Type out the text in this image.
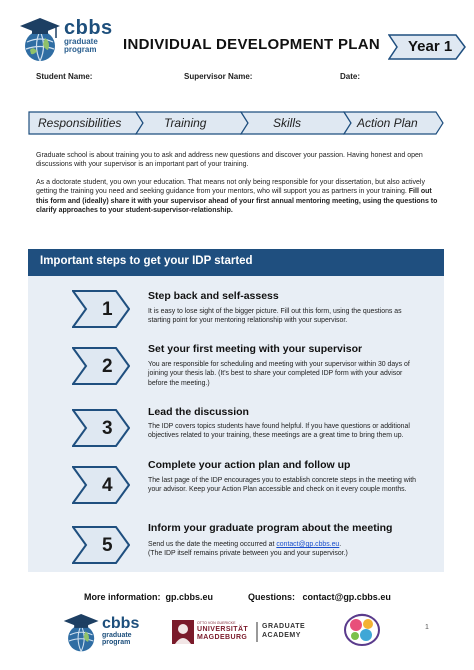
cbbs
graduate
program	INDIVIDUAL DEVELOPMENT PLAN Year 1
Student Name:	Supervisor Name:	Date:
Responsibilities	Training	Skills	Action Plan

Graduate school is about training you to ask and address new questions and discover your passion. Having honest and open discussions with your supervisor is an important part of your training.

As a doctorate student, you own your education. That means not only being responsible for your dissertation, but also actively getting the training you need and seeking guidance from your mentors, who will support you as partners in your training. Fill out this form and (ideally) share it with your supervisor ahead of your first annual mentoring meeting, using the questions to clarify approaches to your student-supervisor-relationship.

Important steps to get your IDP started
1
Step back and self-assess
It is easy to lose sight of the bigger picture. Fill out this form, using the questions as starting point for your mentoring relationship with your supervisor.
2
Set your first meeting with your supervisor
You are responsible for scheduling and meeting with your supervisor within 30 days of joining your thesis lab. (It's best to share your completed IDP form with your advisor before the meeting.)
3
Lead the discussion
The IDP covers topics students have found helpful. If you have questions or additional objectives related to your training, these meetings are a great time to bring them up.
4
Complete your action plan and follow up
The last page of the IDP encourages you to establish concrete steps in the meeting with your advisor. Keep your Action Plan accessible and check on it every couple months.
5
Inform your graduate program about the meeting
Send us the date the meeting occurred at contact@gp.cbbs.eu.
(The IDP itself remains private between you and your supervisor.)
More information: gp.cbbs.eu	Questions: contact@gp.cbbs.eu
cbbs
graduate
program
OTTO VON GUERICKE
UNIVERSITÄT
MAGDEBURG
GRADUATE
ACADEMY
1
